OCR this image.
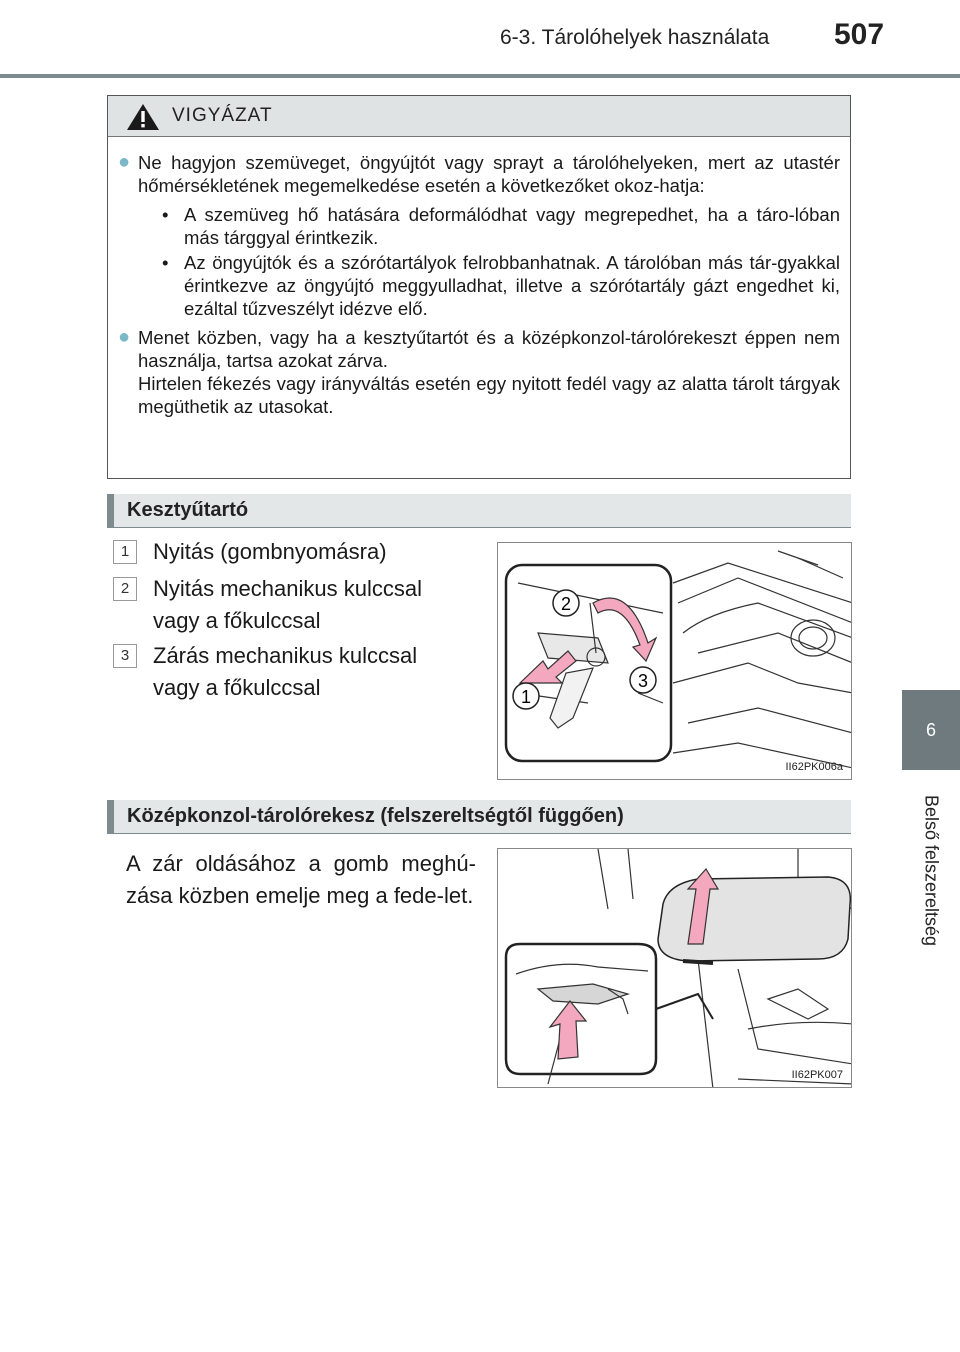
6-3. Tárolóhelyek használata 507
6
Belső felszereltség
VIGYÁZAT
● Ne hagyjon szemüveget, öngyújtót vagy sprayt a tárolóhelyeken, mert az utastér hőmérsékletének megemelkedése esetén a következőket okoz-hatja:
• A szemüveg hő hatására deformálódhat vagy megrepedhet, ha a táro-lóban más tárggyal érintkezik.
• Az öngyújtók és a szórótartályok felrobbanhatnak. A tárolóban más tár-gyakkal érintkezve az öngyújtó meggyulladhat, illetve a szórótartály gázt engedhet ki, ezáltal tűzveszélyt idézve elő.
● Menet közben, vagy ha a kesztyűtartót és a középkonzol-tárolórekeszt éppen nem használja, tartsa azokat zárva.
Hirtelen fékezés vagy irányváltás esetén egy nyitott fedél vagy az alatta tárolt tárgyak megüthetik az utasokat.
Kesztyűtartó
1	Nyitás (gombnyomásra)
2	Nyitás mechanikus kulccsal
vagy a főkulccsal
3	Zárás mechanikus kulccsal
vagy a főkulccsal
2
1
3
II62PK006a
Középkonzol-tárolórekesz (felszereltségtől függően)
A zár oldásához a gomb meghú-zása közben emelje meg a fede-let.
II62PK007
